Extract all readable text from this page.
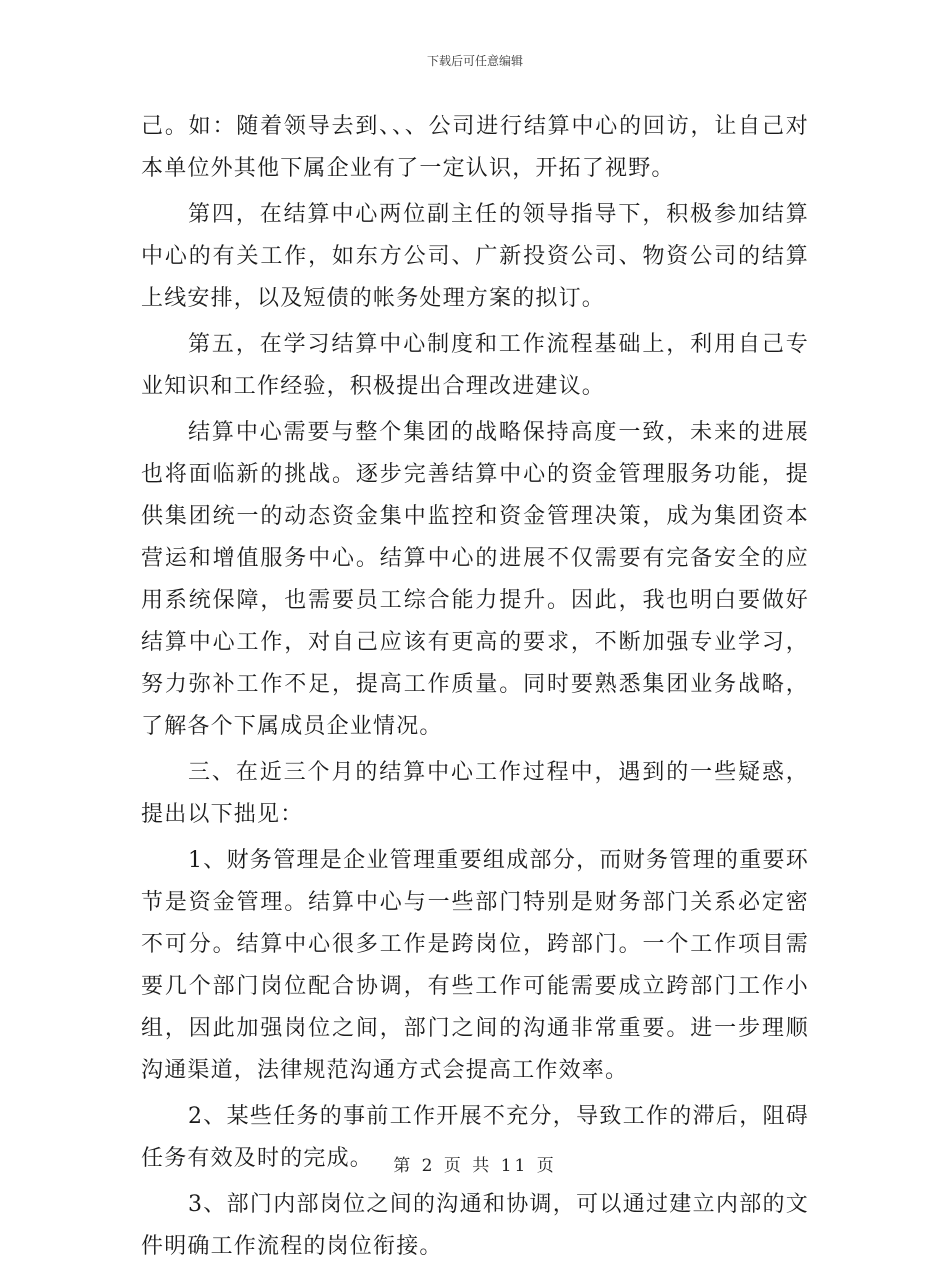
下载后可任意编辑

己。如：随着领导去到、、、公司进行结算中心的回访，让自己对本单位外其他下属企业有了一定认识，开拓了视野。

第四，在结算中心两位副主任的领导指导下，积极参加结算中心的有关工作，如东方公司、广新投资公司、物资公司的结算上线安排，以及短债的帐务处理方案的拟订。

第五，在学习结算中心制度和工作流程基础上，利用自己专业知识和工作经验，积极提出合理改进建议。

结算中心需要与整个集团的战略保持高度一致，未来的进展也将面临新的挑战。逐步完善结算中心的资金管理服务功能，提供集团统一的动态资金集中监控和资金管理决策，成为集团资本营运和增值服务中心。结算中心的进展不仅需要有完备安全的应用系统保障，也需要员工综合能力提升。因此，我也明白要做好结算中心工作，对自己应该有更高的要求，不断加强专业学习，努力弥补工作不足，提高工作质量。同时要熟悉集团业务战略，了解各个下属成员企业情况。

三、在近三个月的结算中心工作过程中，遇到的一些疑惑，提出以下拙见：

1、财务管理是企业管理重要组成部分，而财务管理的重要环节是资金管理。结算中心与一些部门特别是财务部门关系必定密不可分。结算中心很多工作是跨岗位，跨部门。一个工作项目需要几个部门岗位配合协调，有些工作可能需要成立跨部门工作小组，因此加强岗位之间，部门之间的沟通非常重要。进一步理顺沟通渠道，法律规范沟通方式会提高工作效率。

2、某些任务的事前工作开展不充分，导致工作的滞后，阻碍任务有效及时的完成。

3、部门内部岗位之间的沟通和协调，可以通过建立内部的文件明确工作流程的岗位衔接。

第 2 页 共 11 页
